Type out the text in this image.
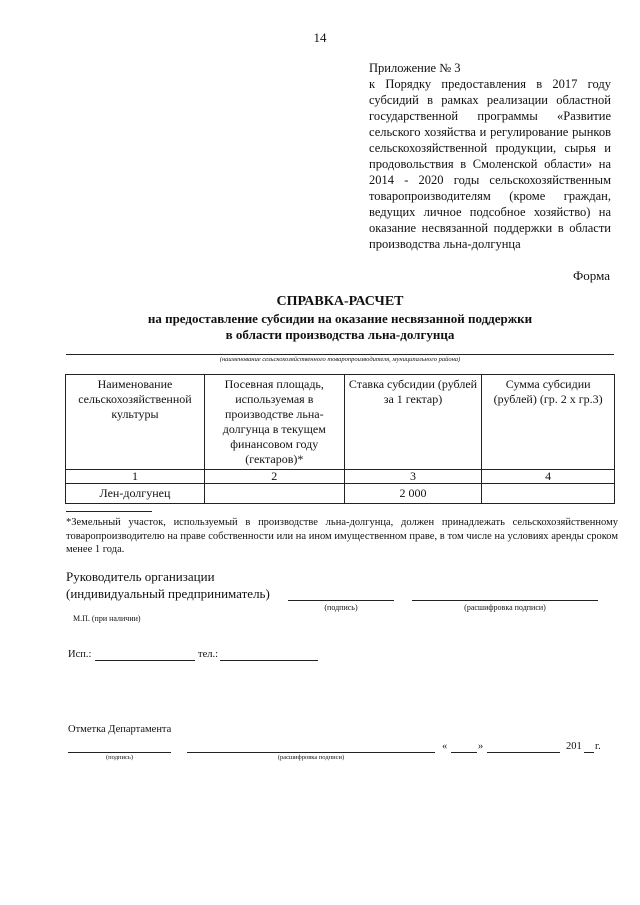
14
Приложение № 3
к Порядку предоставления в 2017 году субсидий в рамках реализации областной государственной программы «Развитие сельского хозяйства и регулирование рынков сельскохозяйственной продукции, сырья и продовольствия в Смоленской области» на 2014 - 2020 годы сельскохозяйственным товаропроизводителям (кроме граждан, ведущих личное подсобное хозяйство) на оказание несвязанной поддержки в области производства льна-долгунца
Форма
СПРАВКА-РАСЧЕТ
на предоставление субсидии на оказание несвязанной поддержки
в области производства льна-долгунца
(наименование сельскохозяйственного товаропроизводителя, муниципального района)
Наименование сельскохозяйственной культуры	Посевная площадь, используемая в производстве льна-долгунца в текущем финансовом году (гектаров)*	Ставка субсидии (рублей за 1 гектар)	Сумма субсидии (рублей) (гр. 2 х гр.3)
1	2	3	4
Лен-долгунец		2 000	
*Земельный участок, используемый в производстве льна-долгунца, должен принадлежать сельскохозяйственному товаропроизводителю на праве собственности или на ином имущественном праве, в том числе на условиях аренды сроком менее 1 года.
Руководитель организации
(индивидуальный предприниматель)
(подпись)	(расшифровка подписи)
М.П. (при наличии)
Исп.:	тел.:
Отметка Департамента
(подпись)	(расшифровка подписи)
«	»	201 г.
